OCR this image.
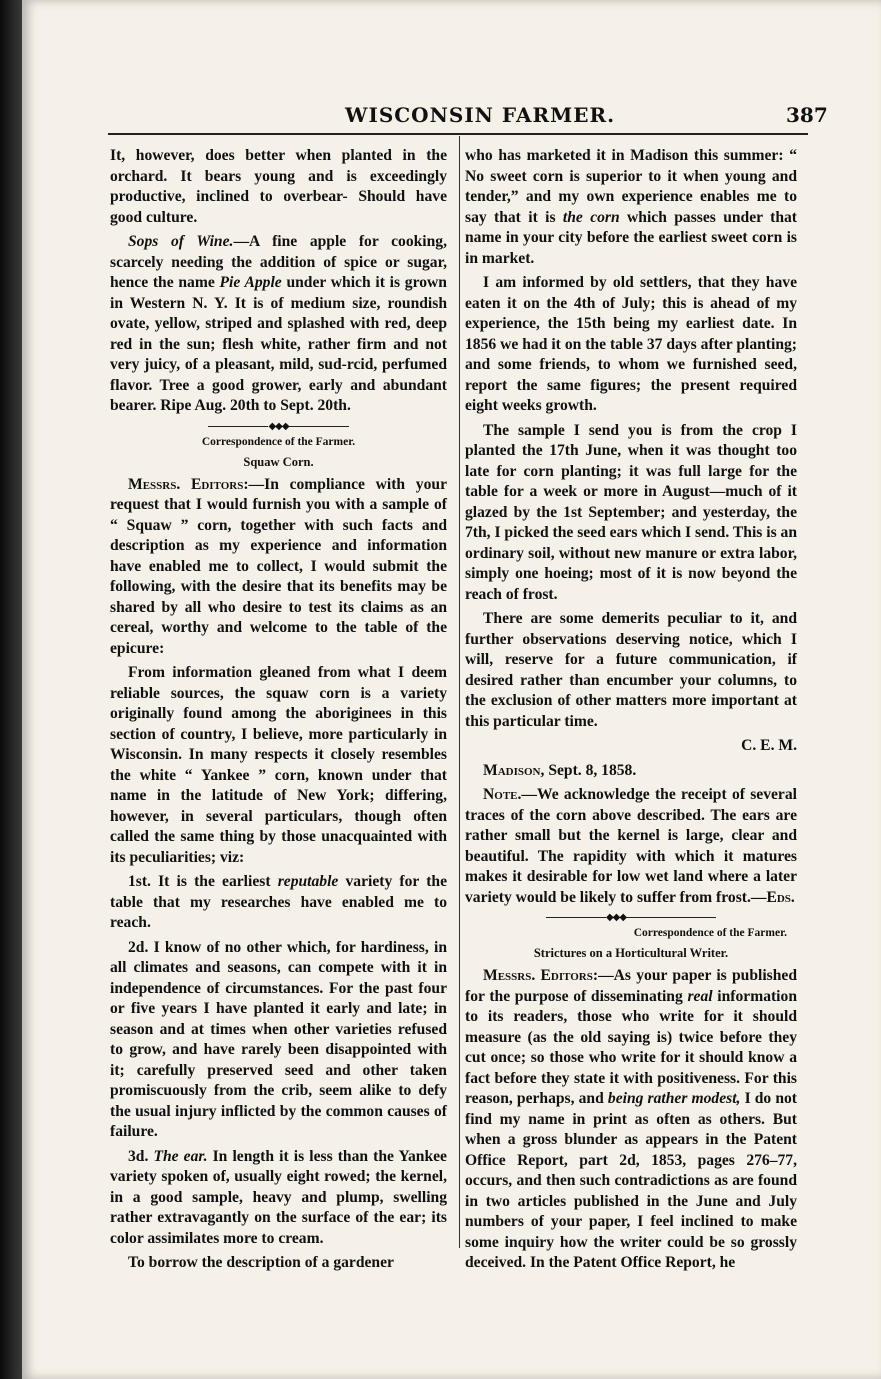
WISCONSIN FARMER.	387

It, however, does better when planted in the orchard. It bears young and is exceedingly productive, inclined to overbear- Should have good culture.

Sops of Wine.—A fine apple for cooking, scarcely needing the addition of spice or sugar, hence the name Pie Apple under which it is grown in Western N. Y. It is of medium size, roundish ovate, yellow, striped and splashed with red, deep red in the sun; flesh white, rather firm and not very juicy, of a pleasant, mild, sud-rcid, perfumed flavor. Tree a good grower, early and abundant bearer. Ripe Aug. 20th to Sept. 20th.

◆◆◆

Correspondence of the Farmer.

Squaw Corn.

Messrs. Editors:—In compliance with your request that I would furnish you with a sample of “ Squaw ” corn, together with such facts and description as my experience and information have enabled me to collect, I would submit the following, with the desire that its benefits may be shared by all who desire to test its claims as an cereal, worthy and welcome to the table of the epicure:

From information gleaned from what I deem reliable sources, the squaw corn is a variety originally found among the aboriginees in this section of country, I believe, more particularly in Wisconsin. In many respects it closely resembles the white “ Yankee ” corn, known under that name in the latitude of New York; differing, however, in several particulars, though often called the same thing by those unacquainted with its peculiarities; viz:

1st. It is the earliest reputable variety for the table that my researches have enabled me to reach.

2d. I know of no other which, for hardiness, in all climates and seasons, can compete with it in independence of circumstances. For the past four or five years I have planted it early and late; in season and at times when other varieties refused to grow, and have rarely been disappointed with it; carefully preserved seed and other taken promiscuously from the crib, seem alike to defy the usual injury inflicted by the common causes of failure.

3d. The ear. In length it is less than the Yankee variety spoken of, usually eight rowed; the kernel, in a good sample, heavy and plump, swelling rather extravagantly on the surface of the ear; its color assimilates more to cream.

To borrow the description of a gardener

who has marketed it in Madison this summer: “ No sweet corn is superior to it when young and tender,” and my own experience enables me to say that it is the corn which passes under that name in your city before the earliest sweet corn is in market.

I am informed by old settlers, that they have eaten it on the 4th of July; this is ahead of my experience, the 15th being my earliest date. In 1856 we had it on the table 37 days after planting; and some friends, to whom we furnished seed, report the same figures; the present required eight weeks growth.

The sample I send you is from the crop I planted the 17th June, when it was thought too late for corn planting; it was full large for the table for a week or more in August—much of it glazed by the 1st September; and yesterday, the 7th, I picked the seed ears which I send. This is an ordinary soil, without new manure or extra labor, simply one hoeing; most of it is now beyond the reach of frost.

There are some demerits peculiar to it, and further observations deserving notice, which I will, reserve for a future communication, if desired rather than encumber your columns, to the exclusion of other matters more important at this particular time.

C. E. M.

Madison, Sept. 8, 1858.

Note.—We acknowledge the receipt of several traces of the corn above described. The ears are rather small but the kernel is large, clear and beautiful. The rapidity with which it matures makes it desirable for low wet land where a later variety would be likely to suffer from frost.—Eds.

◆◆◆

Correspondence of the Farmer.

Strictures on a Horticultural Writer.

Messrs. Editors:—As your paper is published for the purpose of disseminating real information to its readers, those who write for it should measure (as the old saying is) twice before they cut once; so those who write for it should know a fact before they state it with positiveness. For this reason, perhaps, and being rather modest, I do not find my name in print as often as others. But when a gross blunder as appears in the Patent Office Report, part 2d, 1853, pages 276–77, occurs, and then such contradictions as are found in two articles published in the June and July numbers of your paper, I feel inclined to make some inquiry how the writer could be so grossly deceived. In the Patent Office Report, he
